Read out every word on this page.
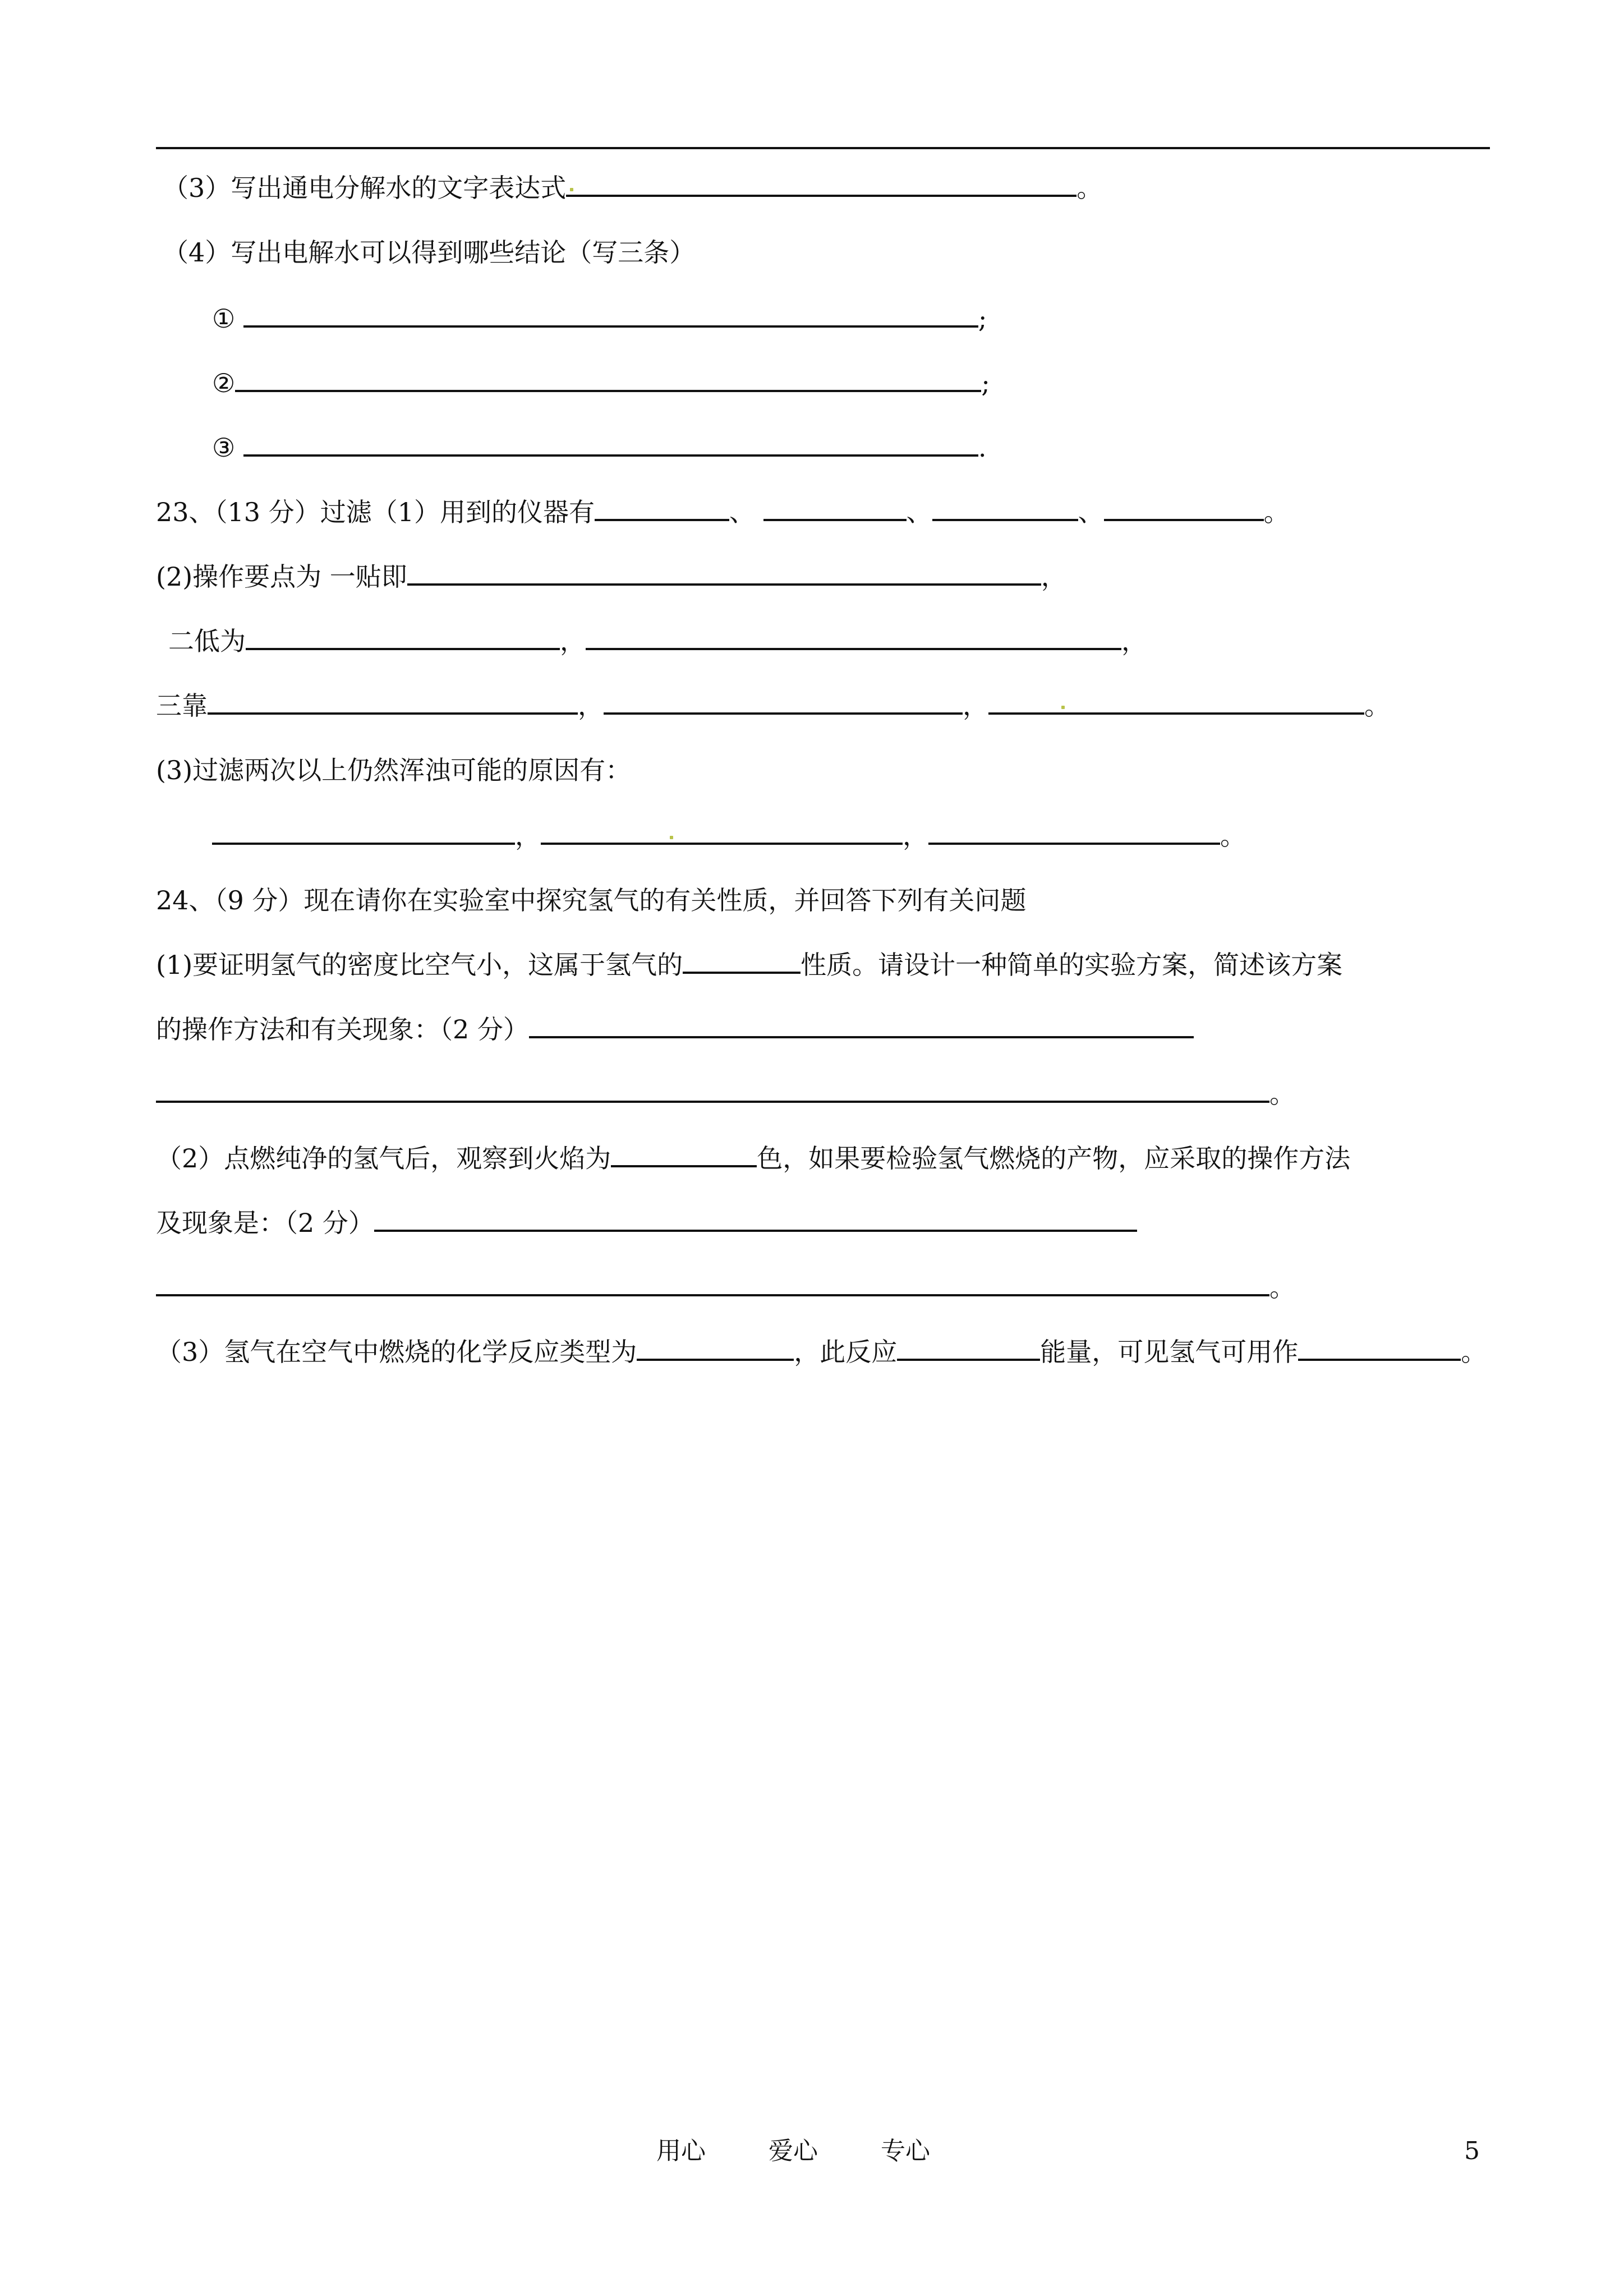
（3）写出通电分解水的文字表达式	。
（4）写出电解水可以得到哪些结论（写三条）
①	;
②	;
③	.
23、（13 分）过滤（1）用到的仪器有	、	、	、	。
(2)操作要点为 一贴即	，
二低为	，	，
三靠	，	，	。
(3)过滤两次以上仍然浑浊可能的原因有：
，	，	。
24、（9 分）现在请你在实验室中探究氢气的有关性质，并回答下列有关问题
(1)要证明氢气的密度比空气小，这属于氢气的	性质。请设计一种简单的实验方案，简述该方案
的操作方法和有关现象：（2 分）
。
（2）点燃纯净的氢气后，观察到火焰为	色，如果要检验氢气燃烧的产物，应采取的操作方法
及现象是：（2 分）
。
（3）氢气在空气中燃烧的化学反应类型为	，此反应	能量，可见氢气可用作	。
用心	爱心	专心	5
